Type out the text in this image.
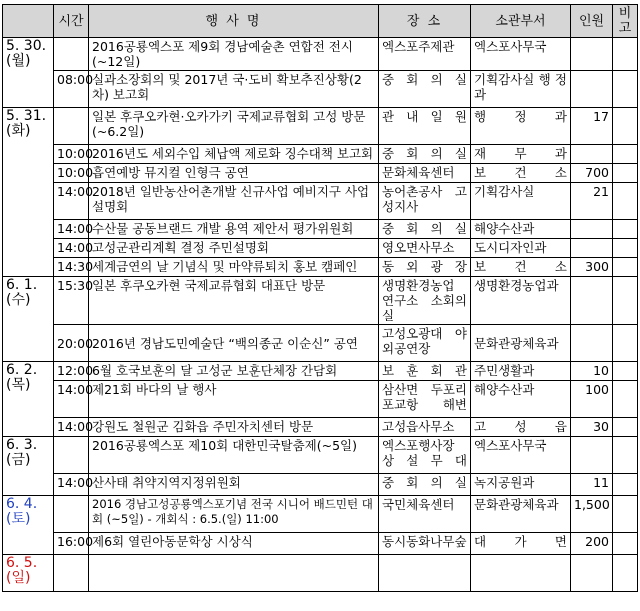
	시간	행 사 명	장 소	소관부서	인원	비고

5. 30.
(월)		2016공룡엑스포 제9회 경남예술촌 연합전 전시(~12일)	엑스포주제관	엑스포사무국		
	08:00	실과소장회의 및 2017년 국·도비 확보추진상황(2차) 보고회	중 회 의 실	기획감사실 행 정 과		

5. 31.
(화)		일본 후쿠오카현·오카가키 국제교류협회 고성 방문 (~6.2일)	관 내 일 원	행 정 과	17	
	10:00	2016년도 세외수입 체납액 제로화 징수대책 보고회	중 회 의 실	재 무 과		
	10:00	흡연예방 뮤지컬 인형극 공연	문화체육센터	보 건 소	700	
	14:00	2018년 일반농산어촌개발 신규사업 예비지구 사업설명회	농어촌공사 고성지사	기획감사실	21	
	14:00	수산물 공동브랜드 개발 용역 제안서 평가위원회	중 회 의 실	해양수산과		
	14:00	고성군관리계획 결정 주민설명회	영오면사무소	도시디자인과		
	14:30	세계금연의 날 기념식 및 마약류퇴치 홍보 캠페인	동 외 광 장	보 건 소	300	

6. 1.
(수)	15:30	일본 후쿠오카현 국제교류협회 대표단 방문	생명환경농업 연구소 소회의실	생명환경농업과		
	20:00	2016년 경남도민예술단 “백의종군 이순신” 공연	고성오광대 야외공연장	문화관광체육과		

6. 2.
(목)	12:00	6월 호국보훈의 달 고성군 보훈단체장 간담회	보 훈 회 관	주민생활과	10	
	14:00	제21회 바다의 날 행사	삼산면 두포리 포교항 해변	해양수산과	100	
	14:00	강원도 철원군 김화읍 주민자치센터 방문	고성읍사무소	고 성 읍	30	

6. 3.
(금)		2016공룡엑스포 제10회 대한민국탈춤제(~5일)	엑스포행사장 상 설 무 대	엑스포사무국		
	14:00	산사태 취약지역지정위원회	중 회 의 실	녹지공원과	11	

6. 4.
(토)		2016 경남고성공룡엑스포기념 전국 시니어 배드민턴 대회 (~5일) - 개회식 : 6.5.(일) 11:00	국민체육센터	문화관광체육과	1,500	
	16:00	제6회 열린아동문학상 시상식	동시동화나무숲	대 가 면	200	

6. 5.
(일)						
